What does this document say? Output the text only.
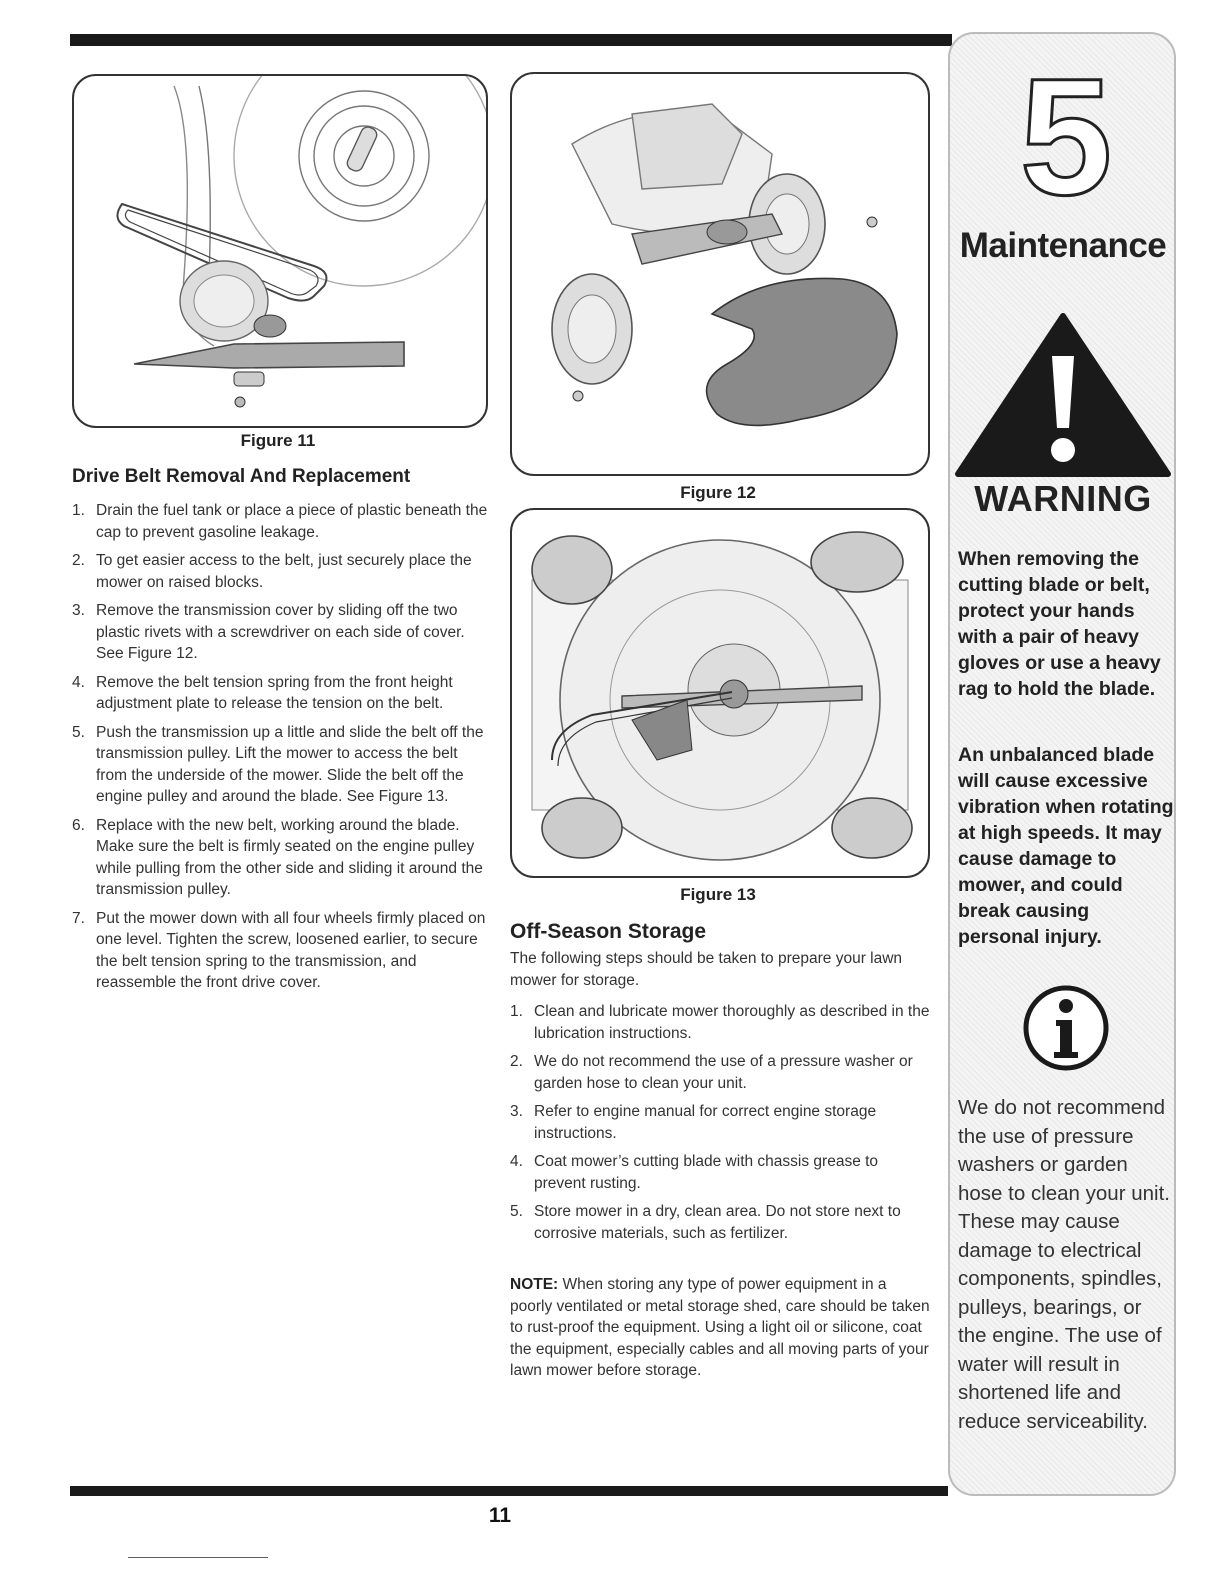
Figure 11
Figure 12
Figure 13
Drive Belt Removal And Replacement
1. Drain the fuel tank or place a piece of plastic beneath the cap to prevent gasoline leakage.
2. To get easier access to the belt, just securely place the mower on raised blocks.
3. Remove the transmission cover by sliding off the two plastic rivets with a screwdriver on each side of cover. See Figure 12.
4. Remove the belt tension spring from the front height adjustment plate to release the tension on the belt.
5. Push the transmission up a little and slide the belt off the transmission pulley. Lift the mower to access the belt from the underside of the mower. Slide the belt off the engine pulley and around the blade. See Figure 13.
6. Replace with the new belt, working around the blade. Make sure the belt is firmly seated on the engine pulley while pulling from the other side and sliding it around the transmission pulley.
7. Put the mower down with all four wheels firmly placed on one level. Tighten the screw, loosened earlier, to secure the belt tension spring to the transmission, and reassemble the front drive cover.
Off-Season Storage
The following steps should be taken to prepare your lawn mower for storage.
1. Clean and lubricate mower thoroughly as described in the lubrication instructions.
2. We do not recommend the use of a pressure washer or garden hose to clean your unit.
3. Refer to engine manual for correct engine storage instructions.
4. Coat mower’s cutting blade with chassis grease to prevent rusting.
5. Store mower in a dry, clean area. Do not store next to corrosive materials, such as fertilizer.
NOTE: When storing any type of power equipment in a poorly ventilated or metal storage shed, care should be taken to rust-proof the equipment. Using a light oil or silicone, coat the equipment, especially cables and all moving parts of your lawn mower before storage.
5
Maintenance
WARNING
When removing the cutting blade or belt, protect your hands with a pair of heavy gloves or use a heavy rag to hold the blade.
An unbalanced blade will cause excessive vibration when rotating at high speeds. It may cause damage to mower, and could break causing personal injury.
We do not recommend the use of pressure washers or garden hose to clean your unit. These may cause damage to electrical components, spindles, pulleys, bearings, or the engine. The use of water will result in shortened life and reduce serviceability.
11
